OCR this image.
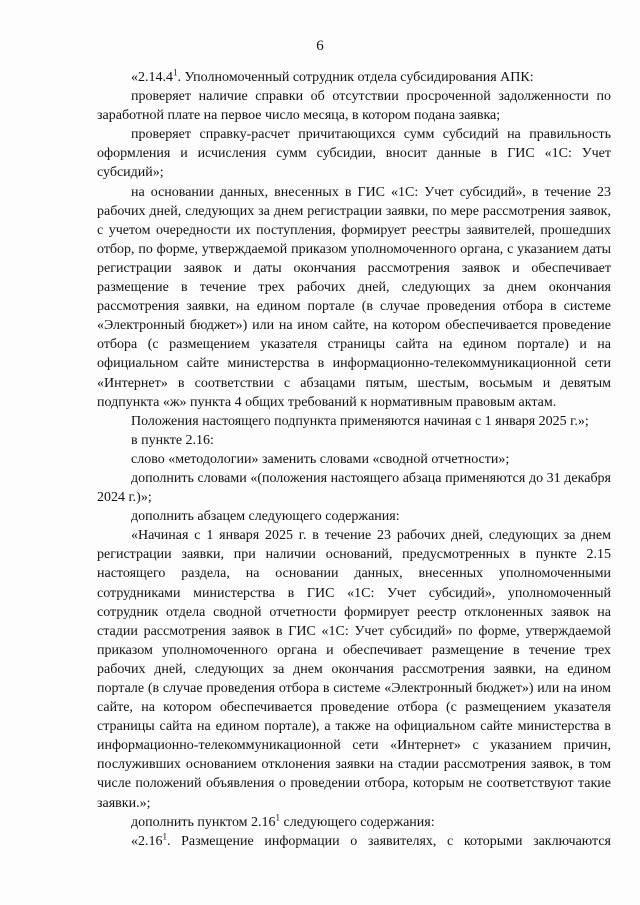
6

«2.14.4$^1$. Уполномоченный сотрудник отдела субсидирования АПК:

проверяет наличие справки об отсутствии просроченной задолженности по заработной плате на первое число месяца, в котором подана заявка;

проверяет справку-расчет причитающихся сумм субсидий на правильность оформления и исчисления сумм субсидии, вносит данные в ГИС «1С: Учет субсидий»;

на основании данных, внесенных в ГИС «1С: Учет субсидий», в течение 23 рабочих дней, следующих за днем регистрации заявки, по мере рассмотрения заявок, с учетом очередности их поступления, формирует реестры заявителей, прошедших отбор, по форме, утверждаемой приказом уполномоченного органа, с указанием даты регистрации заявок и даты окончания рассмотрения заявок и обеспечивает размещение в течение трех рабочих дней, следующих за днем окончания рассмотрения заявки, на едином портале (в случае проведения отбора в системе «Электронный бюджет») или на ином сайте, на котором обеспечивается проведение отбора (с размещением указателя страницы сайта на едином портале) и на официальном сайте министерства в информационно-телекоммуникационной сети «Интернет» в соответствии с абзацами пятым, шестым, восьмым и девятым подпункта «ж» пункта 4 общих требований к нормативным правовым актам.

Положения настоящего подпункта применяются начиная с 1 января 2025 г.»;

в пункте 2.16:

слово «методологии» заменить словами «сводной отчетности»;

дополнить словами «(положения настоящего абзаца применяются до 31 декабря 2024 г.)»;

дополнить абзацем следующего содержания:

«Начиная с 1 января 2025 г. в течение 23 рабочих дней, следующих за днем регистрации заявки, при наличии оснований, предусмотренных в пункте 2.15 настоящего раздела, на основании данных, внесенных уполномоченными сотрудниками министерства в ГИС «1С: Учет субсидий», уполномоченный сотрудник отдела сводной отчетности формирует реестр отклоненных заявок на стадии рассмотрения заявок в ГИС «1С: Учет субсидий» по форме, утверждаемой приказом уполномоченного органа и обеспечивает размещение в течение трех рабочих дней, следующих за днем окончания рассмотрения заявки, на едином портале (в случае проведения отбора в системе «Электронный бюджет») или на ином сайте, на котором обеспечивается проведение отбора (с размещением указателя страницы сайта на едином портале), а также на официальном сайте министерства в информационно-телекоммуникационной сети «Интернет» с указанием причин, послуживших основанием отклонения заявки на стадии рассмотрения заявок, в том числе положений объявления о проведении отбора, которым не соответствуют такие заявки.»;

дополнить пунктом 2.16$^1$ следующего содержания:

«2.16$^1$. Размещение информации о заявителях, с которыми заключаются
